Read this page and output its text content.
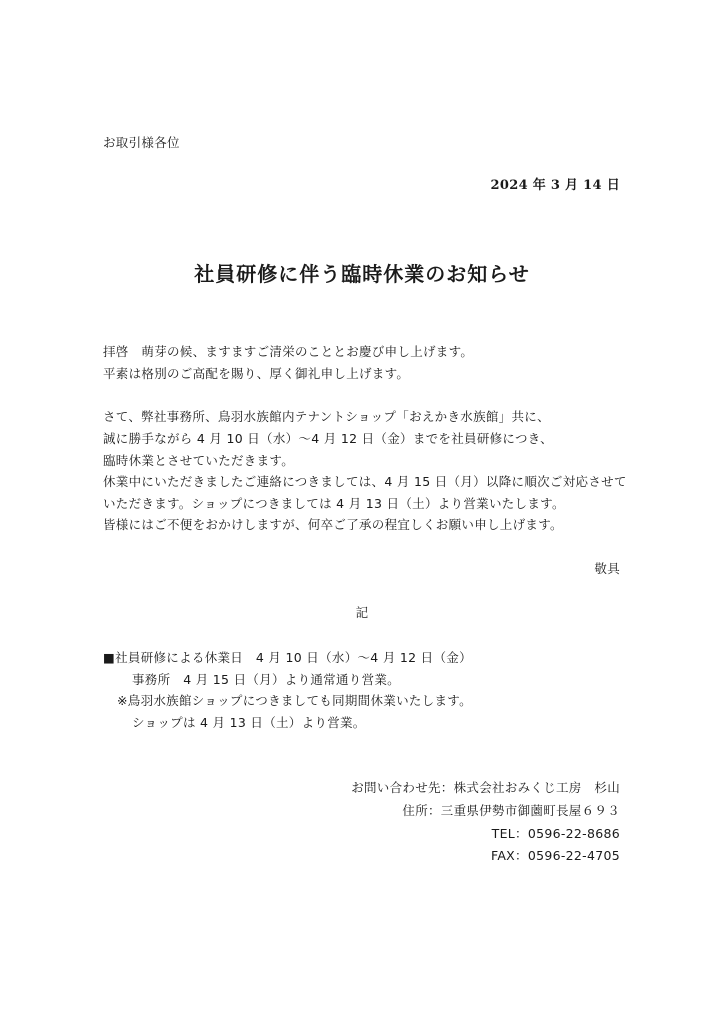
お取引様各位
2024 年 3 月 14 日
社員研修に伴う臨時休業のお知らせ
拝啓　萌芽の候、ますますご清栄のこととお慶び申し上げます。
平素は格別のご高配を賜り、厚く御礼申し上げます。
さて、弊社事務所、鳥羽水族館内テナントショップ「おえかき水族館」共に、
誠に勝手ながら 4 月 10 日（水）～4 月 12 日（金）までを社員研修につき、
臨時休業とさせていただきます。
休業中にいただきましたご連絡につきましては、4 月 15 日（月）以降に順次ご対応させて
いただきます。ショップにつきましては 4 月 13 日（土）より営業いたします。
皆様にはご不便をおかけしますが、何卒ご了承の程宜しくお願い申し上げます。
敬具
記
■社員研修による休業日　4 月 10 日（水）～4 月 12 日（金）
事務所　4 月 15 日（月）より通常通り営業。
※鳥羽水族館ショップにつきましても同期間休業いたします。
ショップは 4 月 13 日（土）より営業。
お問い合わせ先：株式会社おみくじ工房　杉山
住所：三重県伊勢市御薗町長屋６９３
TEL：0596-22-8686
FAX：0596-22-4705
